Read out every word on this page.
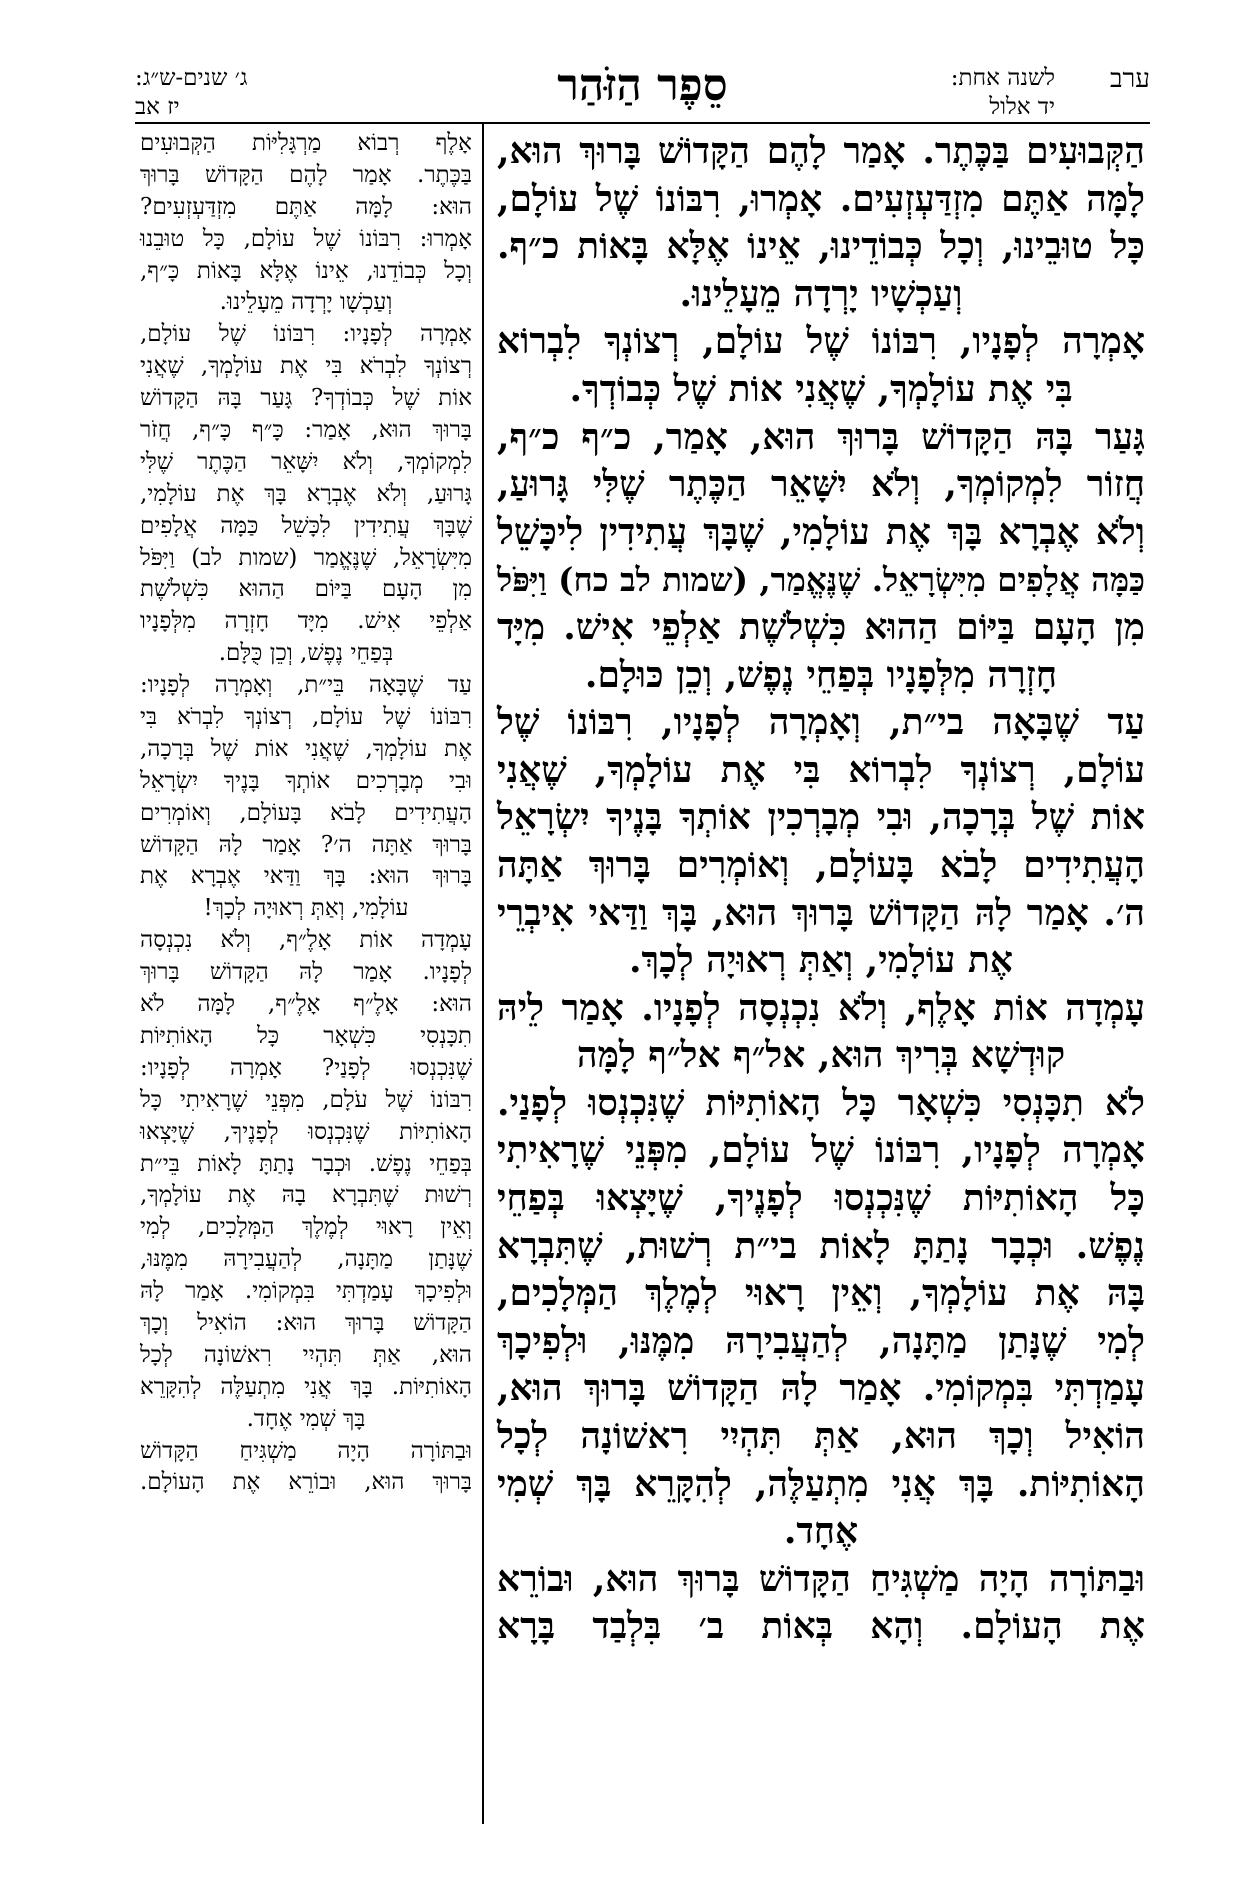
ערב
לשנה אחת:
יד אלול
סֵפֶר הַזֹּהַר
ג׳ שנים-ש״ג:
יז אב
הַקְּבוּעִים בַּכֶּתֶר. אָמַר לָהֶם הַקָּדוֹשׁ בָּרוּךְ הוּא,
לָמָּה אַתֶּם מִזְדַּעְזְעִים. אָמְרוּ, רִבּוֹנוֹ שֶׁל עוֹלָם,
כָּל טוּבֵינוּ, וְכָל כְּבוֹדֵינוּ, אֵינוֹ אֶלָּא בָּאוֹת כ״ף.
וְעַכְשָׁיו יָרְדָה מֵעָלֵינוּ.
אָמְרָה לְפָנָיו, רִבּוֹנוֹ שֶׁל עוֹלָם, רְצוֹנְךָ לִבְרוֹא
בִּי אֶת עוֹלָמְךָ, שֶׁאֲנִי אוֹת שֶׁל כְּבוֹדְךָ.
גָּעַר בָּהּ הַקָּדוֹשׁ בָּרוּךְ הוּא, אָמַר, כ״ף כ״ף,
חֲזוֹר לִמְקוֹמְךָ, וְלֹא יִשָּׁאֵר הַכֶּתֶר שֶׁלִּי גָּרוּעַ,
וְלֹא אֶבְרָא בָּךְ אֶת עוֹלָמִי, שֶׁבָּךְ עֲתִידִין לִיכָּשֵׁל
כַּמָּה אֲלָפִים מִיִּשְׂרָאֵל. שֶׁנֶּאֱמַר, (שמות לב כח) וַיִּפֹּל
מִן הָעָם בַּיּוֹם הַהוּא כִּשְׁלֹשֶׁת אַלְפֵי אִישׁ. מִיָּד
חָזְרָה מִלְּפָנָיו בְּפַחֵי נֶפֶשׁ, וְכֵן כּוּלָם.
עַד שֶׁבָּאָה בי״ת, וְאָמְרָה לְפָנָיו, רִבּוֹנוֹ שֶׁל
עוֹלָם, רְצוֹנְךָ לִבְרוֹא בִּי אֶת עוֹלָמְךָ, שֶׁאֲנִי
אוֹת שֶׁל בְּרָכָה, וּבִי מְבָרְכִין אוֹתְךָ בָּנֶיךָ יִשְׂרָאֵל
הָעֲתִידִים לָבֹא בָּעוֹלָם, וְאוֹמְרִים בָּרוּךְ אַתָּה
ה׳. אָמַר לָהּ הַקָּדוֹשׁ בָּרוּךְ הוּא, בָּךְ וַדַּאי אִיבְרֵי
אֶת עוֹלָמִי, וְאַתְּ רְאוּיָה לְכָךְ.
עָמְדָה אוֹת אָלֶף, וְלֹא נִכְנְסָה לְפָנָיו. אָמַר לֵיהּ
קוּדְשָׁא בְּרִיךְ הוּא, אל״ף אל״ף לָמָּה
לֹא תִכָּנְסִי כִּשְׁאָר כָּל הָאוֹתִיּוֹת שֶׁנִּכְנְסוּ לְפָנַי.
אָמְרָה לְפָנָיו, רִבּוֹנוֹ שֶׁל עוֹלָם, מִפְּנֵי שֶׁרָאִיתִי
כָּל הָאוֹתִיּוֹת שֶׁנִּכְנְסוּ לְפָנֶיךָ, שֶׁיָּצְאוּ בְּפַחֵי
נֶפֶשׁ. וּכְבָר נָתַתָּ לָאוֹת בי״ת רְשׁוּת, שֶׁתִּבְרָא
בָּהּ אֶת עוֹלָמְךָ, וְאֵין רָאוּי לְמֶלֶךְ הַמְּלָכִים,
לְמִי שֶׁנָּתַן מַתָּנָה, לְהַעֲבִירָהּ מִמֶּנּוּ, וּלְפִיכָךְ
עָמַדְתִּי בִּמְקוֹמִי. אָמַר לָהּ הַקָּדוֹשׁ בָּרוּךְ הוּא,
הוֹאִיל וְכָךְ הוּא, אַתְּ תִּהְיִי רִאשׁוֹנָה לְכָל
הָאוֹתִיּוֹת. בָּךְ אֲנִי מִתְעַלֶּה, לְהִקָּרֵא בָּךְ שְׁמִי
אֶחָד.
וּבַתּוֹרָה הָיָה מַשְׁגִּיחַ הַקָּדוֹשׁ בָּרוּךְ הוּא, וּבוֹרֵא
אֶת הָעוֹלָם. וְהָא בְּאוֹת ב׳ בִּלְבַד בָּרָא
אָלֶף רְבוֹא מַרְגָּלִיּוֹת הַקְּבוּעִים
בַּכֶּתֶר. אָמַר לָהֶם הַקָּדוֹשׁ בָּרוּךְ
הוּא: לָמָּה אַתֶּם מִזְדַּעְזְעִים?
אָמְרוּ: רִבּוֹנוֹ שֶׁל עוֹלָם, כָּל טוּבֵנוּ
וְכָל כְּבוֹדֵנוּ, אֵינוֹ אֶלָּא בָּאוֹת כָּ״ף,
וְעַכְשָׁו יָרְדָה מֵעָלֵינוּ.
אָמְרָה לְפָנָיו: רִבּוֹנוֹ שֶׁל עוֹלָם,
רְצוֹנְךָ לִבְרֹא בִּי אֶת עוֹלָמְךָ, שֶׁאֲנִי
אוֹת שֶׁל כְּבוֹדְךָ? גָּעַר בָּהּ הַקָּדוֹשׁ
בָּרוּךְ הוּא, אָמַר: כָּ״ף כָּ״ף, חֲזֹר
לִמְקוֹמְךָ, וְלֹא יִשָּׁאֵר הַכֶּתֶר שֶׁלִּי
גָּרוּעַ, וְלֹא אֶבְרָא בָּךְ אֶת עוֹלָמִי,
שֶׁבָּךְ עֲתִידִין לִכָּשֵׁל כַּמָּה אֲלָפִים
מִיִּשְׂרָאֵל, שֶׁנֶּאֱמַר (שמות לב) וַיִּפֹּל
מִן הָעָם בַּיּוֹם הַהוּא כִּשְׁלֹשֶׁת
אַלְפֵי אִישׁ. מִיָּד חָזְרָה מִלְּפָנָיו
בְּפַחֵי נֶפֶשׁ, וְכֵן כֻּלָּם.
עַד שֶׁבָּאָה בֵּי״ת, וְאָמְרָה לְפָנָיו:
רִבּוֹנוֹ שֶׁל עוֹלָם, רְצוֹנְךָ לִבְרֹא בִּי
אֶת עוֹלָמְךָ, שֶׁאֲנִי אוֹת שֶׁל בְּרָכָה,
וּבִי מְבָרְכִים אוֹתְךָ בָּנֶיךָ יִשְׂרָאֵל
הָעֲתִידִים לָבֹא בָּעוֹלָם, וְאוֹמְרִים
בָּרוּךְ אַתָּה ה׳? אָמַר לָהּ הַקָּדוֹשׁ
בָּרוּךְ הוּא: בָּךְ וַדַּאי אֶבְרָא אֶת
עוֹלָמִי, וְאַתְּ רְאוּיָה לְכָךְ!
עָמְדָה אוֹת אָלֶ״ף, וְלֹא נִכְנְסָה
לְפָנָיו. אָמַר לָהּ הַקָּדוֹשׁ בָּרוּךְ
הוּא: אָלֶ״ף אָלֶ״ף, לָמָּה לֹא
תִכָּנְסִי כִּשְׁאָר כָּל הָאוֹתִיּוֹת
שֶׁנִּכְנְסוּ לְפָנַי? אָמְרָה לְפָנָיו:
רִבּוֹנוֹ שֶׁל עֹלָם, מִפְּנֵי שֶׁרָאִיתִי כָּל
הָאוֹתִיּוֹת שֶׁנִּכְנְסוּ לְפָנֶיךָ, שֶׁיָּצְאוּ
בְּפַחֵי נֶפֶשׁ. וּכְבָר נָתַתָּ לָאוֹת בֵּי״ת
רְשׁוּת שֶׁתִּבְרָא בָהּ אֶת עוֹלָמְךָ,
וְאֵין רָאוּי לְמֶלֶךְ הַמְּלָכִים, לְמִי
שֶׁנָּתַן מַתָּנָה, לְהַעֲבִירָהּ מִמֶּנּוּ,
וּלְפִיכָךְ עָמַדְתִּי בִּמְקוֹמִי. אָמַר לָהּ
הַקָּדוֹשׁ בָּרוּךְ הוּא: הוֹאִיל וְכָךְ
הוּא, אַתְּ תִּהְיִי רִאשׁוֹנָה לְכָל
הָאוֹתִיּוֹת. בָּךְ אֲנִי מִתְעַלֶּה לְהִקָּרֵא
בָּךְ שְׁמִי אֶחָד.
וּבַתּוֹרָה הָיָה מַשְׁגִּיחַ הַקָּדוֹשׁ
בָּרוּךְ הוּא, וּבוֹרֵא אֶת הָעוֹלָם.
